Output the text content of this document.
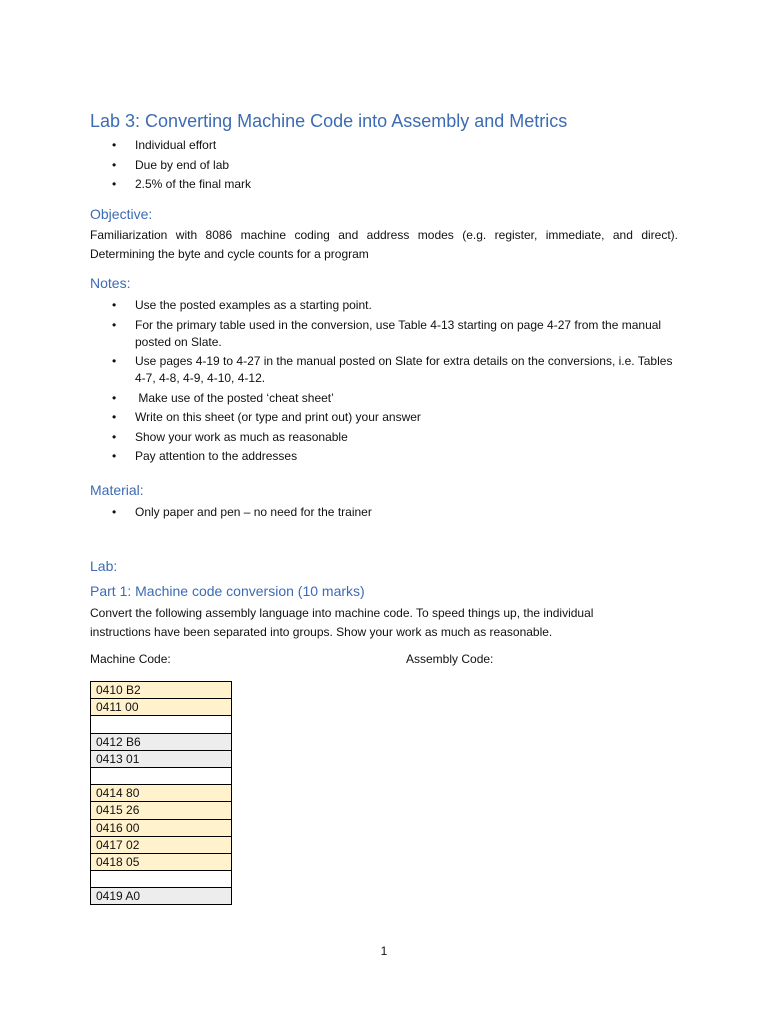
Lab 3: Converting Machine Code into Assembly and Metrics
• Individual effort
• Due by end of lab
• 2.5% of the final mark
Objective:

Familiarization with 8086 machine coding and address modes (e.g. register, immediate, and direct). Determining the byte and cycle counts for a program

Notes:
• Use the posted examples as a starting point.
• For the primary table used in the conversion, use Table 4-13 starting on page 4-27 from the manual posted on Slate.
• Use pages 4-19 to 4-27 in the manual posted on Slate for extra details on the conversions, i.e. Tables 4-7, 4-8, 4-9, 4-10, 4-12.
•  Make use of the posted ‘cheat sheet’
• Write on this sheet (or type and print out) your answer
• Show your work as much as reasonable
• Pay attention to the addresses
Material:
• Only paper and pen – no need for the trainer
Lab:
Part 1: Machine code conversion (10 marks)

Convert the following assembly language into machine code. To speed things up, the individual instructions have been separated into groups. Show your work as much as reasonable.

Machine Code:	Assembly Code:

0410 B2
0411 00

0412 B6
0413 01

0414 80
0415 26
0416 00
0417 02
0418 05

0419 A0
1
